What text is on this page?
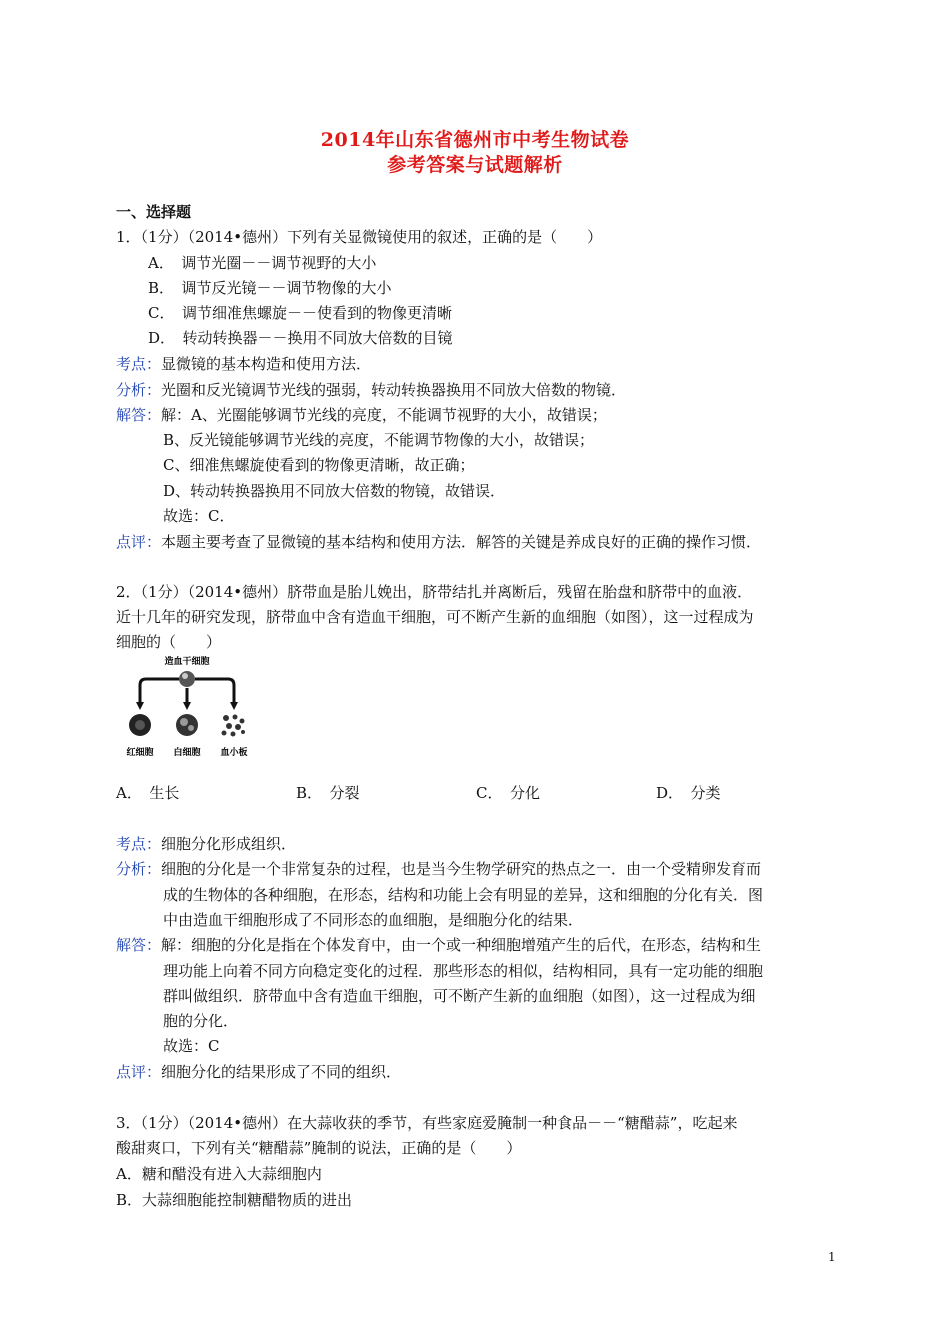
2014年山东省德州市中考生物试卷
参考答案与试题解析
一、选择题
1．（1分）（2014•德州）下列有关显微镜使用的叙述，正确的是（　　）
A．　调节光圈－－调节视野的大小
B．　调节反光镜－－调节物像的大小
C．　调节细准焦螺旋－－使看到的物像更清晰
D．　转动转换器－－换用不同放大倍数的目镜
考点：显微镜的基本构造和使用方法．
分析：光圈和反光镜调节光线的强弱，转动转换器换用不同放大倍数的物镜．
解答：解：A、光圈能够调节光线的亮度，不能调节视野的大小，故错误；
B、反光镜能够调节光线的亮度，不能调节物像的大小，故错误；
C、细准焦螺旋使看到的物像更清晰，故正确；
D、转动转换器换用不同放大倍数的物镜，故错误．
故选：C．
点评：本题主要考查了显微镜的基本结构和使用方法．解答的关键是养成良好的正确的操作习惯．
2．（1分）（2014•德州）脐带血是胎儿娩出，脐带结扎并离断后，残留在胎盘和脐带中的血液．
近十几年的研究发现，脐带血中含有造血干细胞，可不断产生新的血细胞（如图），这一过程成为
细胞的（　　）
造血干细胞
红细胞 白细胞 血小板
A．　生长	B．　分裂	C．　分化	D．　分类
考点：细胞分化形成组织．
分析：细胞的分化是一个非常复杂的过程，也是当今生物学研究的热点之一．由一个受精卵发育而
成的生物体的各种细胞，在形态，结构和功能上会有明显的差异，这和细胞的分化有关．图
中由造血干细胞形成了不同形态的血细胞，是细胞分化的结果．
解答：解：细胞的分化是指在个体发育中，由一个或一种细胞增殖产生的后代，在形态，结构和生
理功能上向着不同方向稳定变化的过程．那些形态的相似，结构相同，具有一定功能的细胞
群叫做组织．脐带血中含有造血干细胞，可不断产生新的血细胞（如图），这一过程成为细
胞的分化．
故选：C
点评：细胞分化的结果形成了不同的组织．
3．（1分）（2014•德州）在大蒜收获的季节，有些家庭爱腌制一种食品－－“糖醋蒜”，吃起来
酸甜爽口，下列有关“糖醋蒜”腌制的说法，正确的是（　　）
A．糖和醋没有进入大蒜细胞内
B．大蒜细胞能控制糖醋物质的进出
1
